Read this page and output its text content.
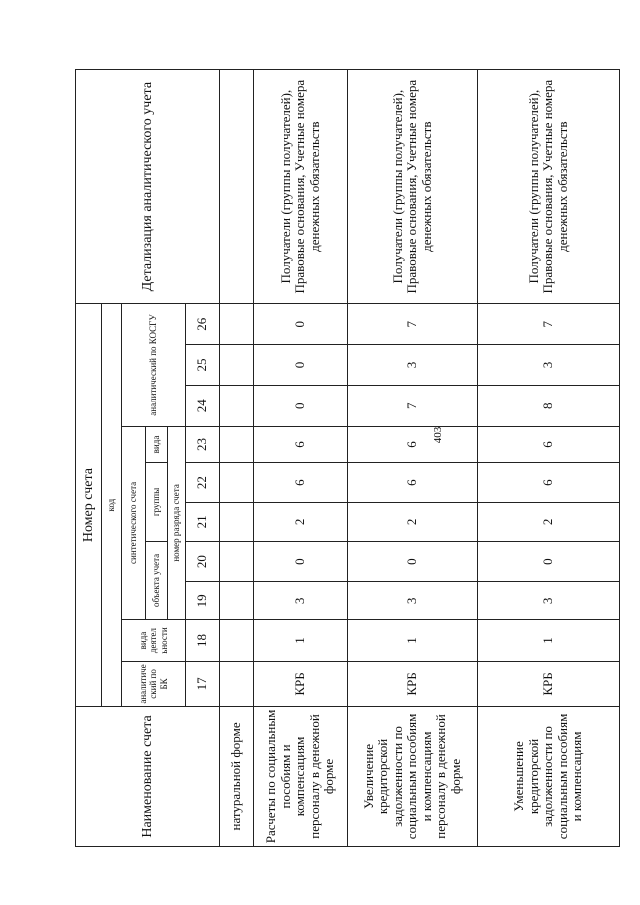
403
Наименование счета	Номер счета										Детализация аналитического учета
	код										
	аналитиче ский по БК	вида деятел ьности	синтетического счета					аналитический по КОСГУ			
			объекта учета		группы		вида				
			номер разряда счета								
	17	18	19	20	21	22	23	24	25	26	
натуральной форме											
Расчеты по социальным пособиям и компенсациям персоналу в денежной форме	КРБ	1	3	0	2	6	6	0	0	0	Получатели (группы получателей), Правовые основания, Учетные номера денежных обязательств
Увеличение кредиторской задолженности по социальным пособиям и компенсациям персоналу в денежной форме	КРБ	1	3	0	2	6	6	7	3	7	Получатели (группы получателей), Правовые основания, Учетные номера денежных обязательств
Уменьшение кредиторской задолженности по социальным пособиям и компенсациям	КРБ	1	3	0	2	6	6	8	3	7	Получатели (группы получателей), Правовые основания, Учетные номера денежных обязательств
